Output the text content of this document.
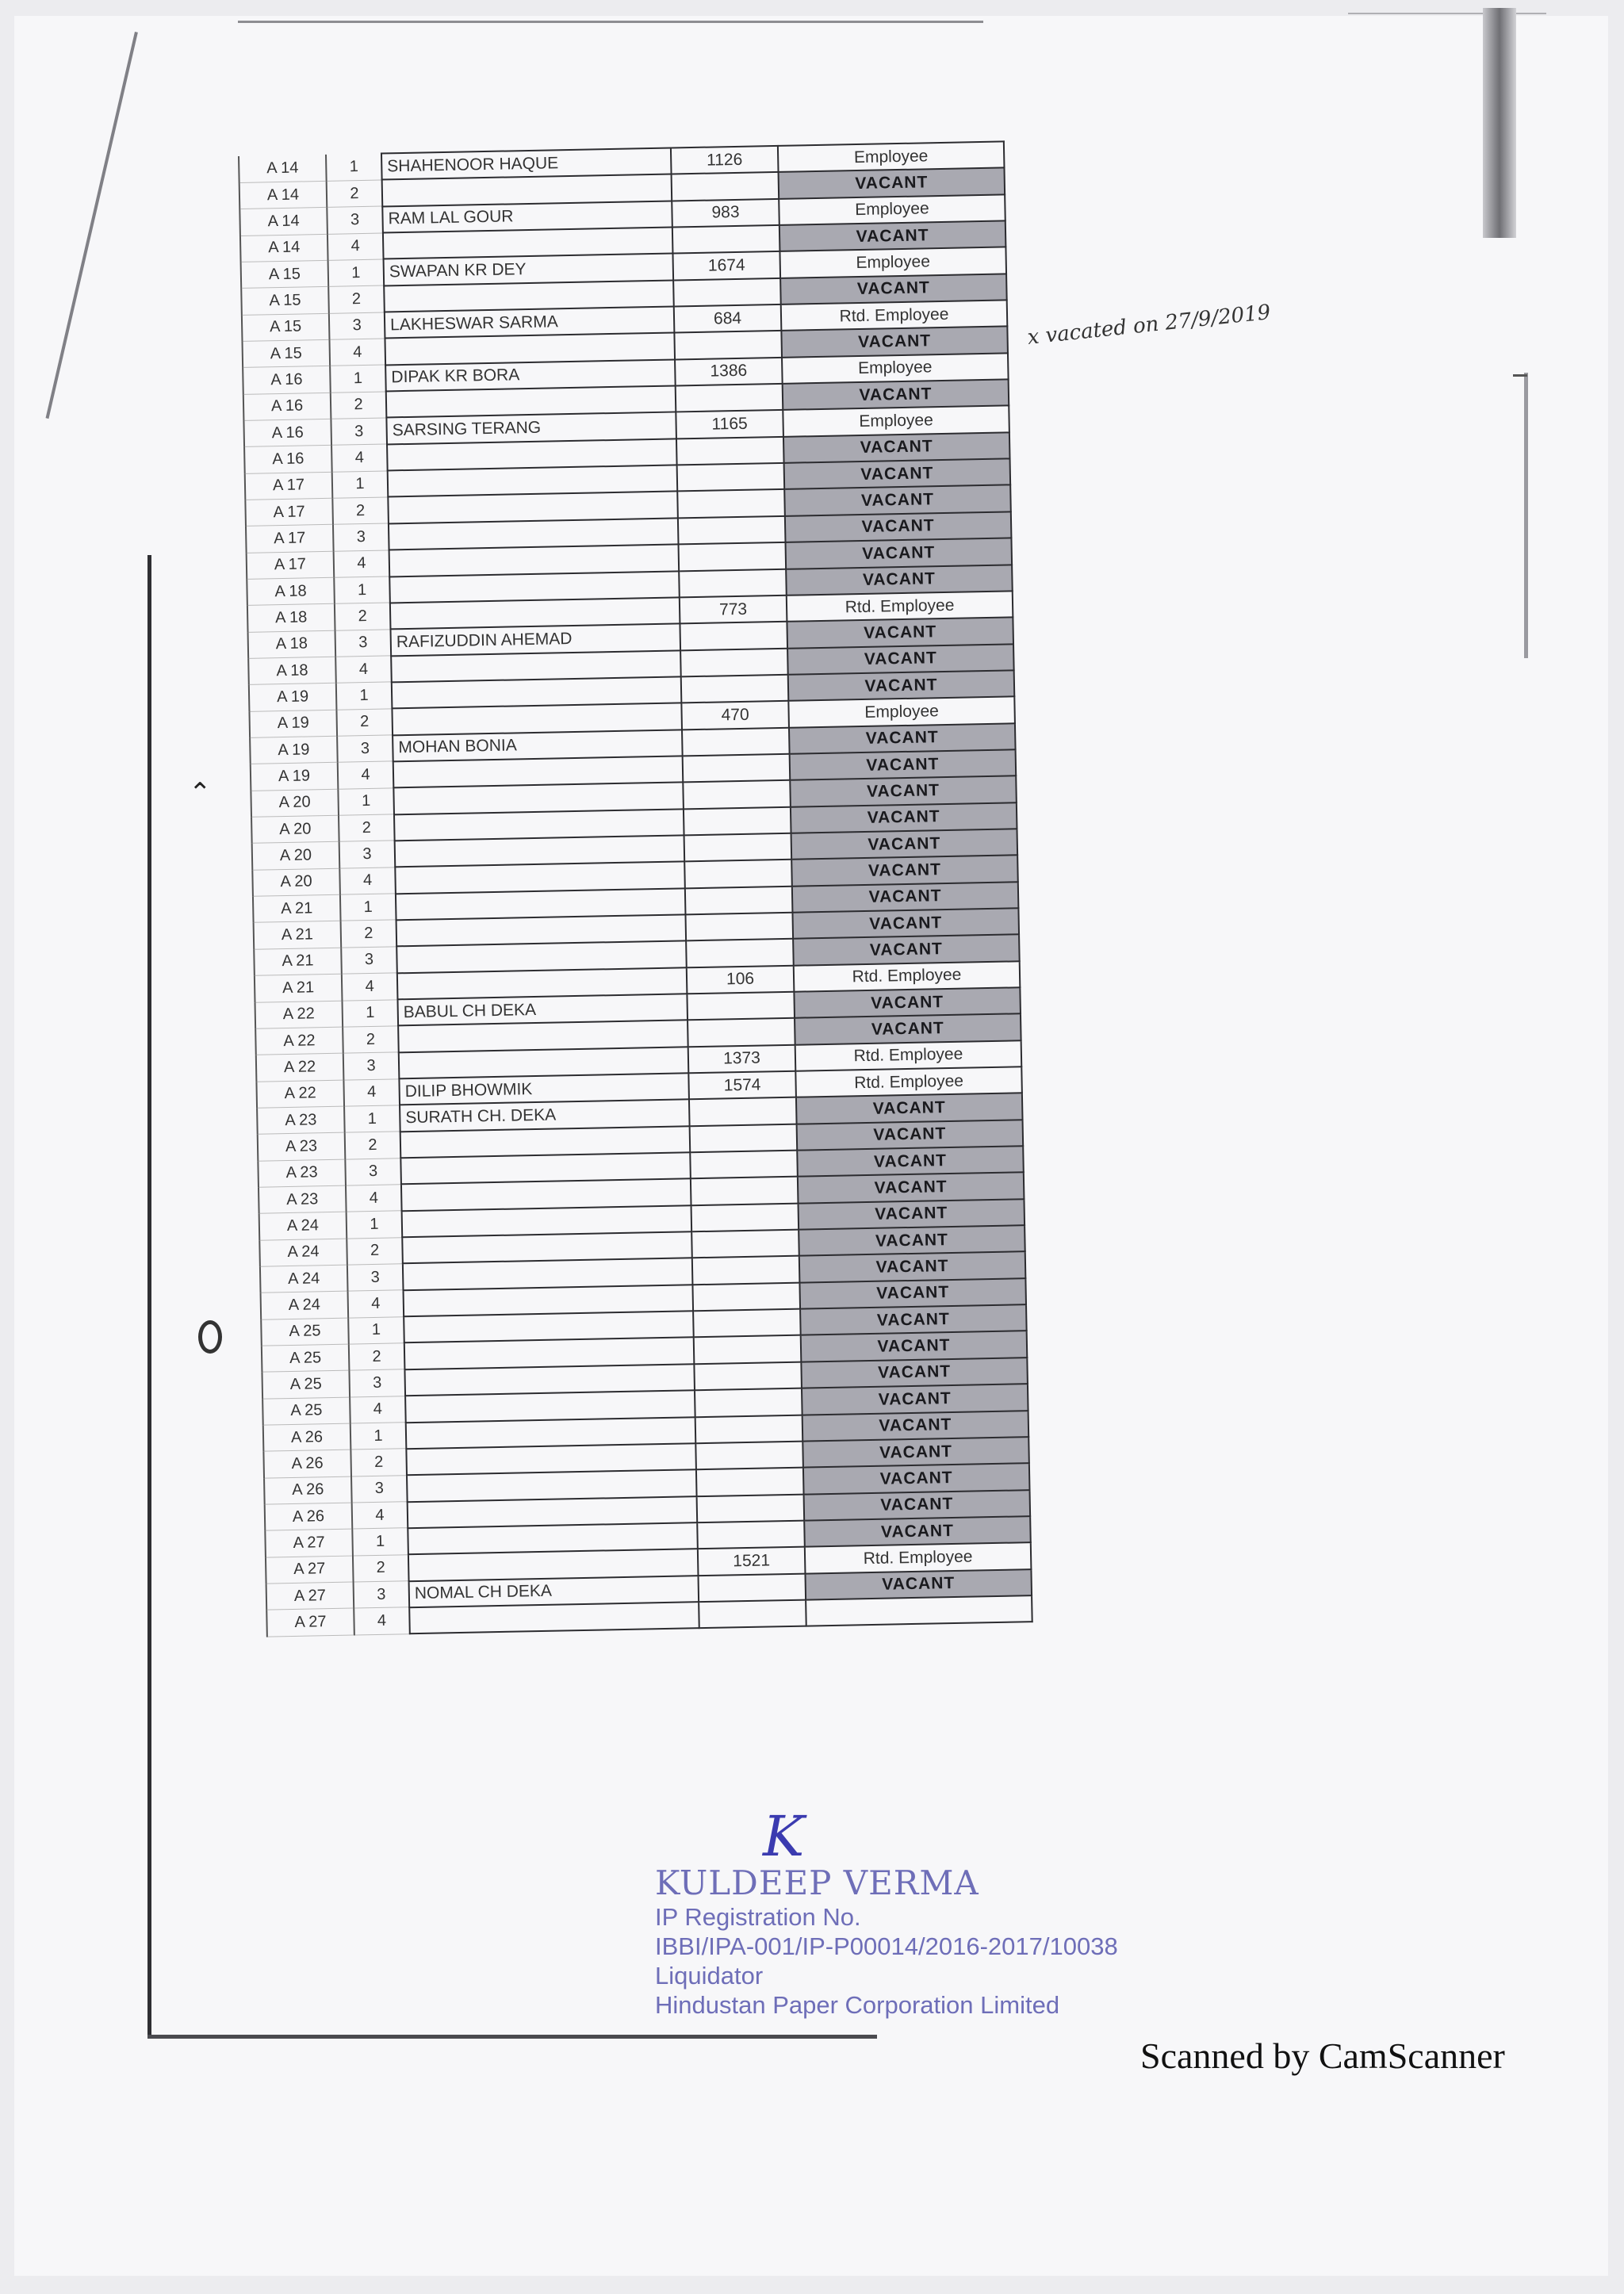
⌃
A 14	1	SHAHENOOR HAQUE	1126	Employee
A 14	2			VACANT
A 14	3	RAM LAL GOUR	983	Employee
A 14	4			VACANT
A 15	1	SWAPAN KR DEY	1674	Employee
A 15	2			VACANT
A 15	3	LAKHESWAR SARMA	684	Rtd. Employee
A 15	4			VACANT
A 16	1	DIPAK KR BORA	1386	Employee
A 16	2			VACANT
A 16	3	SARSING TERANG	1165	Employee
A 16	4			VACANT
A 17	1			VACANT
A 17	2			VACANT
A 17	3			VACANT
A 17	4			VACANT
A 18	1			VACANT
A 18	2		773	Rtd. Employee
A 18	3	RAFIZUDDIN AHEMAD		VACANT
A 18	4			VACANT
A 19	1			VACANT
A 19	2		470	Employee
A 19	3	MOHAN BONIA		VACANT
A 19	4			VACANT
A 20	1			VACANT
A 20	2			VACANT
A 20	3			VACANT
A 20	4			VACANT
A 21	1			VACANT
A 21	2			VACANT
A 21	3			VACANT
A 21	4		106	Rtd. Employee
A 22	1	BABUL CH DEKA		VACANT
A 22	2			VACANT
A 22	3		1373	Rtd. Employee
A 22	4	DILIP BHOWMIK	1574	Rtd. Employee
A 23	1	SURATH CH. DEKA		VACANT
A 23	2			VACANT
A 23	3			VACANT
A 23	4			VACANT
A 24	1			VACANT
A 24	2			VACANT
A 24	3			VACANT
A 24	4			VACANT
A 25	1			VACANT
A 25	2			VACANT
A 25	3			VACANT
A 25	4			VACANT
A 26	1			VACANT
A 26	2			VACANT
A 26	3			VACANT
A 26	4			VACANT
A 27	1			VACANT
A 27	2		1521	Rtd. Employee
A 27	3	NOMAL CH DEKA		VACANT
A 27	4			
x vacated on 27/9/2019
K
KULDEEP VERMA
IP Registration No.
IBBI/IPA-001/IP-P00014/2016-2017/10038
Liquidator
Hindustan Paper Corporation Limited
Scanned by CamScanner
